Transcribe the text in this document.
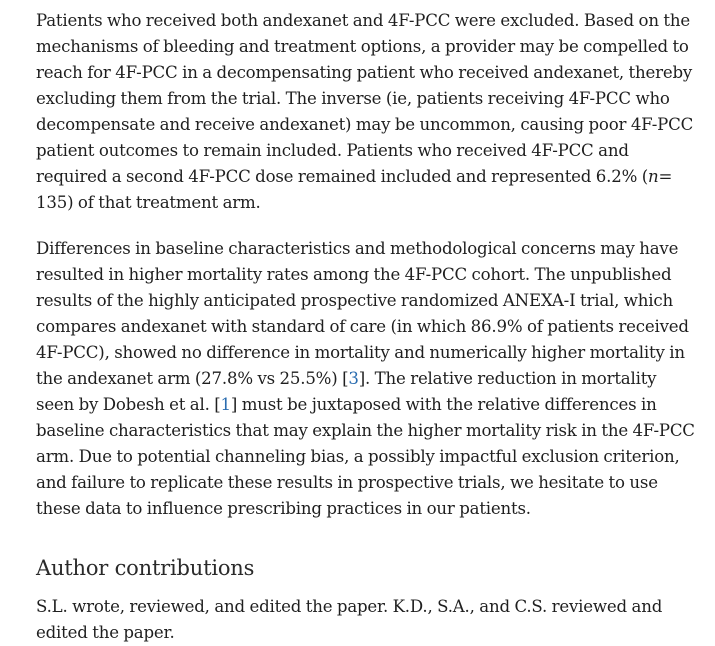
Patients who received both andexanet and 4F-PCC were excluded. Based on the mechanisms of bleeding and treatment options, a provider may be compelled to reach for 4F-PCC in a decompensating patient who received andexanet, thereby excluding them from the trial. The inverse (ie, patients receiving 4F-PCC who decompensate and receive andexanet) may be uncommon, causing poor 4F-PCC patient outcomes to remain included. Patients who received 4F-PCC and required a second 4F-PCC dose remained included and represented 6.2% (n= 135) of that treatment arm.

Differences in baseline characteristics and methodological concerns may have resulted in higher mortality rates among the 4F-PCC cohort. The unpublished results of the highly anticipated prospective randomized ANEXA-I trial, which compares andexanet with standard of care (in which 86.9% of patients received 4F-PCC), showed no difference in mortality and numerically higher mortality in the andexanet arm (27.8% vs 25.5%) [3]. The relative reduction in mortality seen by Dobesh et al. [1] must be juxtaposed with the relative differences in baseline characteristics that may explain the higher mortality risk in the 4F-PCC arm. Due to potential channeling bias, a possibly impactful exclusion criterion, and failure to replicate these results in prospective trials, we hesitate to use these data to influence prescribing practices in our patients.

Author contributions

S.L. wrote, reviewed, and edited the paper. K.D., S.A., and C.S. reviewed and edited the paper.
